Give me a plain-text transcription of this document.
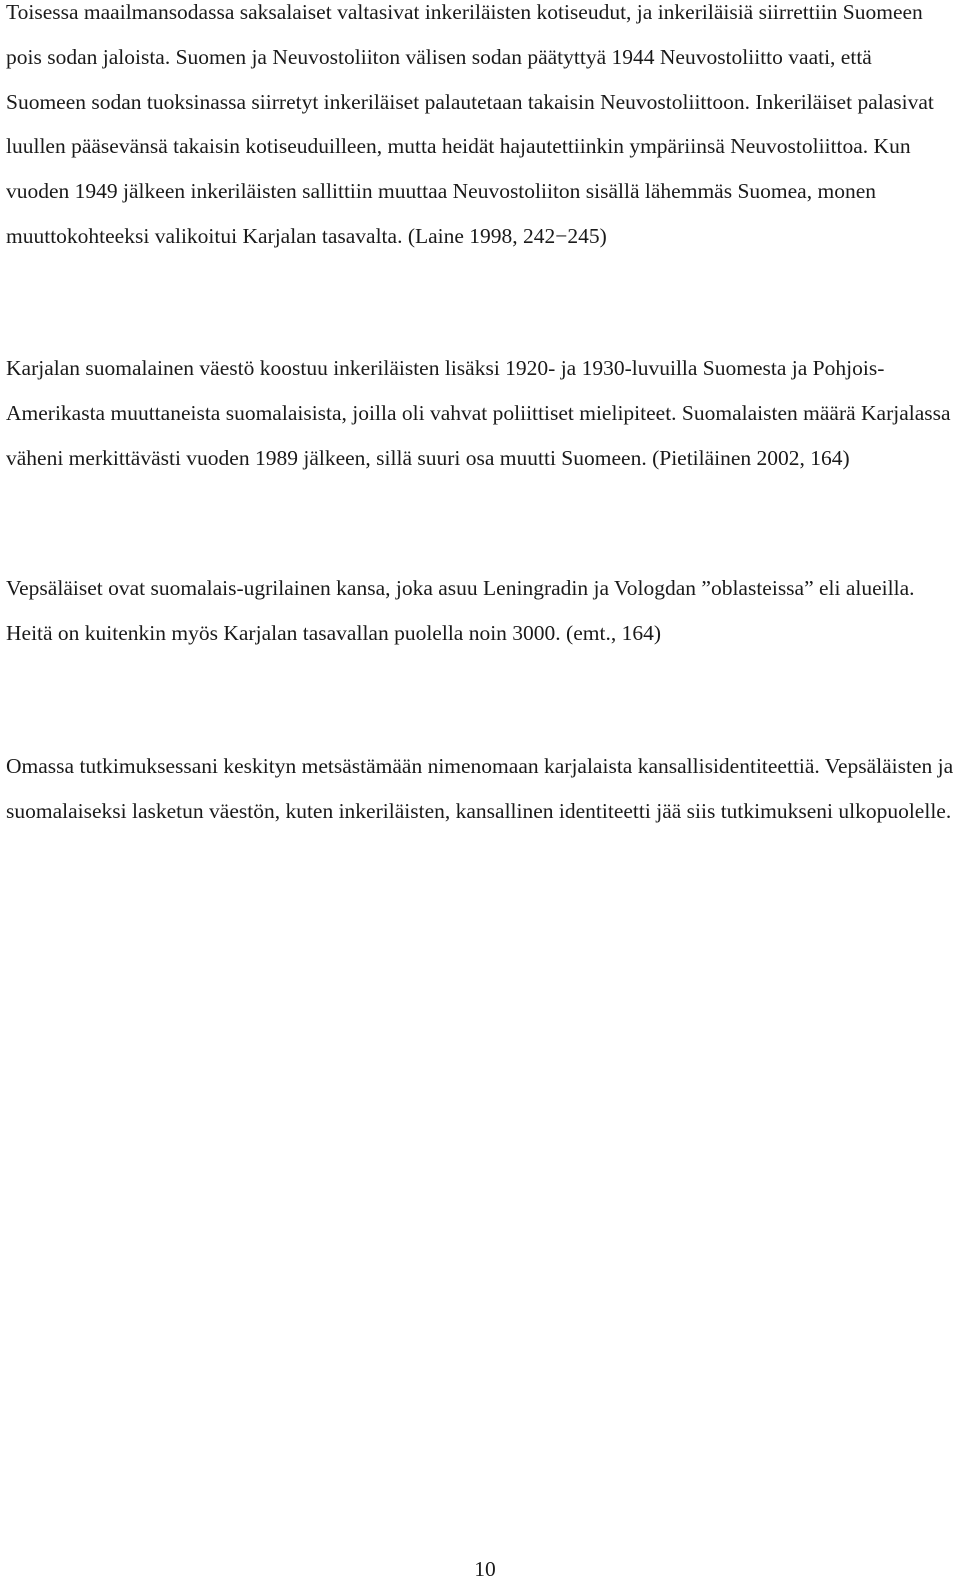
Toisessa maailmansodassa saksalaiset valtasivat inkeriläisten kotiseudut, ja inkeriläisiä siirrettiin Suomeen pois sodan jaloista. Suomen ja Neuvostoliiton välisen sodan päätyttyä 1944 Neuvostoliitto vaati, että Suomeen sodan tuoksinassa siirretyt inkeriläiset palautetaan takaisin Neuvostoliittoon. Inkeriläiset palasivat luullen pääsevänsä takaisin kotiseuduilleen, mutta heidät hajautettiinkin ympäriinsä Neuvostoliittoa. Kun vuoden 1949 jälkeen inkeriläisten sallittiin muuttaa Neuvostoliiton sisällä lähemmäs Suomea, monen muuttokohteeksi valikoitui Karjalan tasavalta. (Laine 1998, 242−245)

Karjalan suomalainen väestö koostuu inkeriläisten lisäksi 1920- ja 1930-luvuilla Suomesta ja Pohjois-Amerikasta muuttaneista suomalaisista, joilla oli vahvat poliittiset mielipiteet. Suomalaisten määrä Karjalassa väheni merkittävästi vuoden 1989 jälkeen, sillä suuri osa muutti Suomeen. (Pietiläinen 2002, 164)

Vepsäläiset ovat suomalais-ugrilainen kansa, joka asuu Leningradin ja Vologdan ”oblasteissa” eli alueilla. Heitä on kuitenkin myös Karjalan tasavallan puolella noin 3000. (emt., 164)

Omassa tutkimuksessani keskityn metsästämään nimenomaan karjalaista kansallisidentiteettiä. Vepsäläisten ja suomalaiseksi lasketun väestön, kuten inkeriläisten, kansallinen identiteetti jää siis tutkimukseni ulkopuolelle.

10
